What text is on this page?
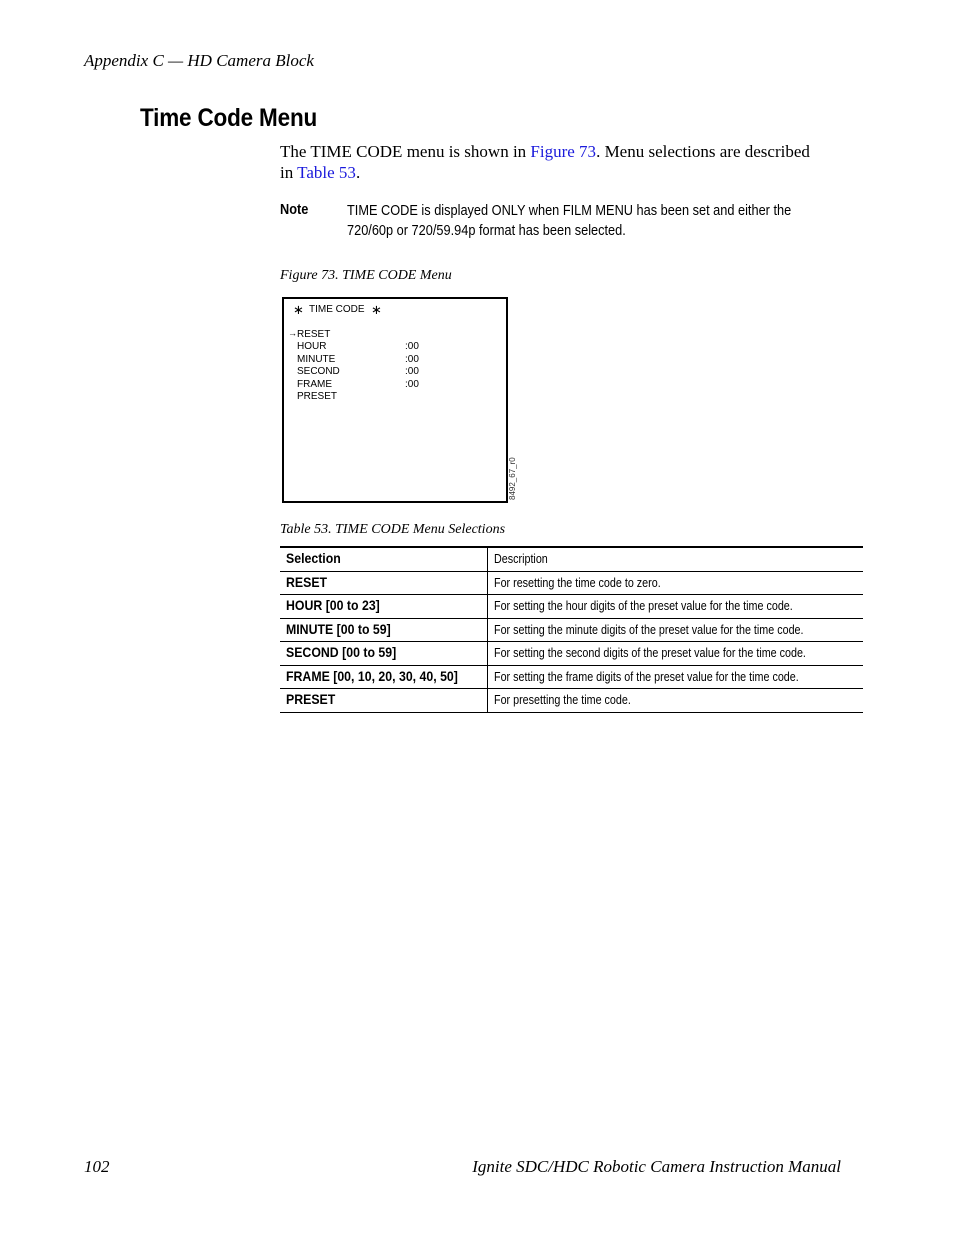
Appendix C — HD Camera Block
Time Code Menu

The TIME CODE menu is shown in Figure 73. Menu selections are described in Table 53.

Note	TIME CODE is displayed ONLY when FILM MENU has been set and either the 720/60p or 720/59.94p format has been selected.
Figure 73. TIME CODE Menu
∗ TIME CODE ∗
→ RESET
HOUR	:00
MINUTE	:00
SECOND	:00
FRAME	:00
PRESET
8492_67_r0
Table 53. TIME CODE Menu Selections
Selection	Description
RESET	For resetting the time code to zero.
HOUR [00 to 23]	For setting the hour digits of the preset value for the time code.
MINUTE [00 to 59]	For setting the minute digits of the preset value for the time code.
SECOND [00 to 59]	For setting the second digits of the preset value for the time code.
FRAME [00, 10, 20, 30, 40, 50]	For setting the frame digits of the preset value for the time code.
PRESET	For presetting the time code.
102	Ignite SDC/HDC Robotic Camera Instruction Manual
